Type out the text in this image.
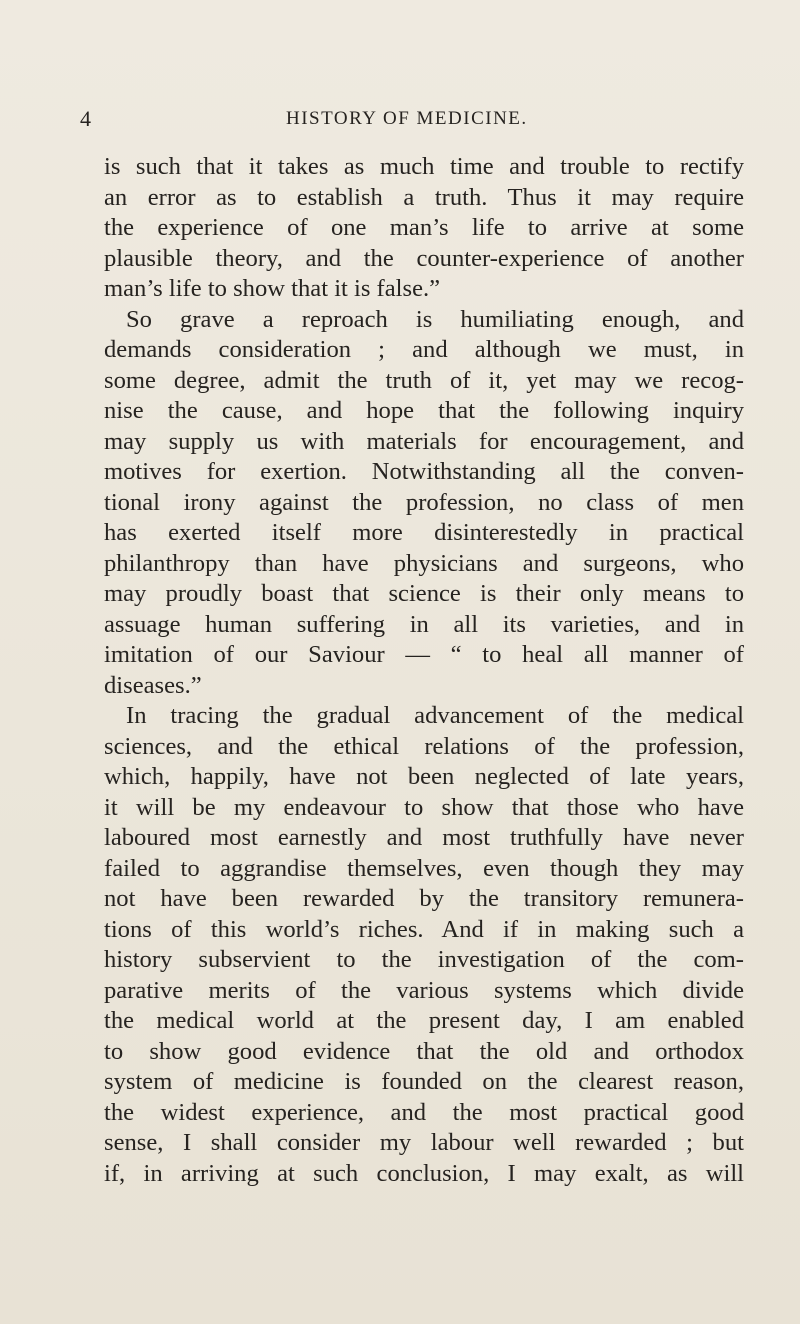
4	HISTORY OF MEDICINE.
is such that it takes as much time and trouble to rectify
an error as to establish a truth. Thus it may require
the experience of one man’s life to arrive at some
plausible theory, and the counter-experience of another
man’s life to show that it is false.”
So grave a reproach is humiliating enough, and
demands consideration ; and although we must, in
some degree, admit the truth of it, yet may we recog-
nise the cause, and hope that the following inquiry
may supply us with materials for encouragement, and
motives for exertion. Notwithstanding all the conven-
tional irony against the profession, no class of men
has exerted itself more disinterestedly in practical
philanthropy than have physicians and surgeons, who
may proudly boast that science is their only means to
assuage human suffering in all its varieties, and in
imitation of our Saviour — “ to heal all manner of
diseases.”
In tracing the gradual advancement of the medical
sciences, and the ethical relations of the profession,
which, happily, have not been neglected of late years,
it will be my endeavour to show that those who have
laboured most earnestly and most truthfully have never
failed to aggrandise themselves, even though they may
not have been rewarded by the transitory remunera-
tions of this world’s riches. And if in making such a
history subservient to the investigation of the com-
parative merits of the various systems which divide
the medical world at the present day, I am enabled
to show good evidence that the old and orthodox
system of medicine is founded on the clearest reason,
the widest experience, and the most practical good
sense, I shall consider my labour well rewarded ; but
if, in arriving at such conclusion, I may exalt, as will
